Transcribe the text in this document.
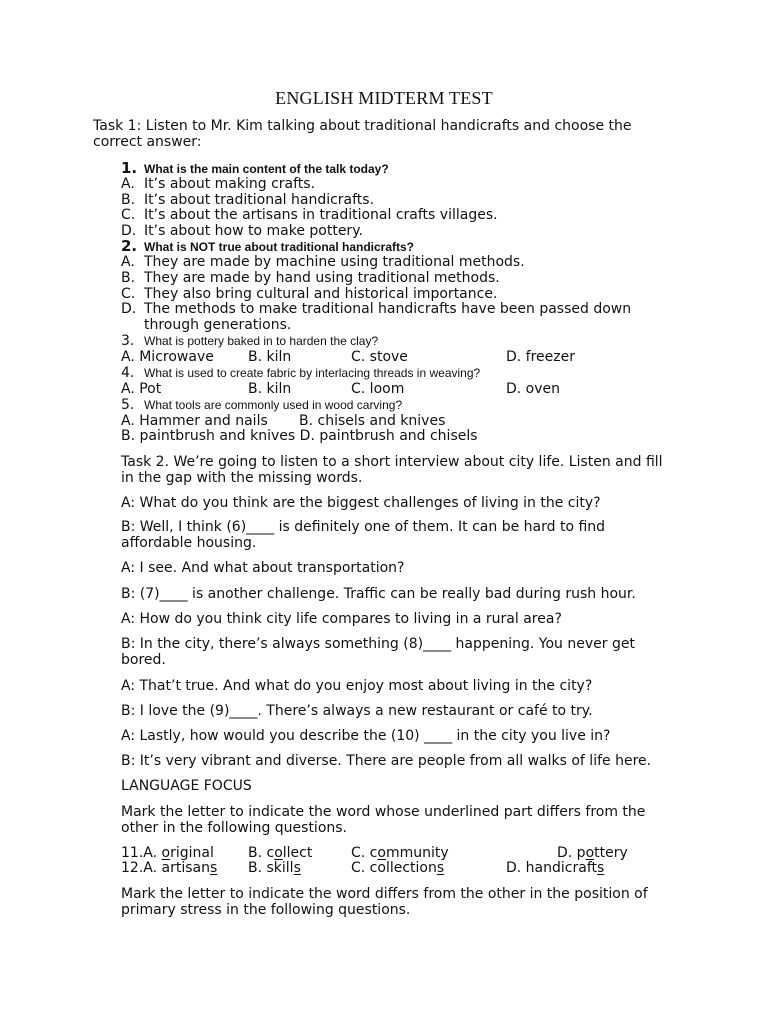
ENGLISH MIDTERM TEST
Task 1: Listen to Mr. Kim talking about traditional handicrafts and choose the correct answer:
1. What is the main content of the talk today?
A. It’s about making crafts.
B. It’s about traditional handicrafts.
C. It’s about the artisans in traditional crafts villages.
D. It’s about how to make pottery.
2. What is NOT true about traditional handicrafts?
A. They are made by machine using traditional methods.
B. They are made by hand using traditional methods.
C. They also bring cultural and historical importance.
D. The methods to make traditional handicrafts have been passed down through generations.
3. What is pottery baked in to harden the clay?
A. Microwave B. kiln	C. stove	D. freezer
4. What is used to create fabric by interlacing threads in weaving?
A. Pot	B. kiln	C. loom	D. oven
5. What tools are commonly used in wood carving?
A. Hammer and nails B. chisels and knives
B. paintbrush and knives D. paintbrush and chisels
Task 2. We’re going to listen to a short interview about city life. Listen and fill in the gap with the missing words.
A: What do you think are the biggest challenges of living in the city?
B: Well, I think (6)____ is definitely one of them. It can be hard to find affordable housing.
A: I see. And what about transportation?
B: (7)____ is another challenge. Traffic can be really bad during rush hour.
A: How do you think city life compares to living in a rural area?
B: In the city, there’s always something (8)____ happening. You never get bored.
A: That’t true. And what do you enjoy most about living in the city?
B: I love the (9)____. There’s always a new restaurant or café to try.
A: Lastly, how would you describe the (10) ____ in the city you live in?
B: It’s very vibrant and diverse. There are people from all walks of life here.
LANGUAGE FOCUS
Mark the letter to indicate the word whose underlined part differs from the other in the following questions.
11.A. original B. collect	C. community	D. pottery
12.A. artisans B. skills	C. collections	D. handicrafts
Mark the letter to indicate the word differs from the other in the position of primary stress in the following questions.
